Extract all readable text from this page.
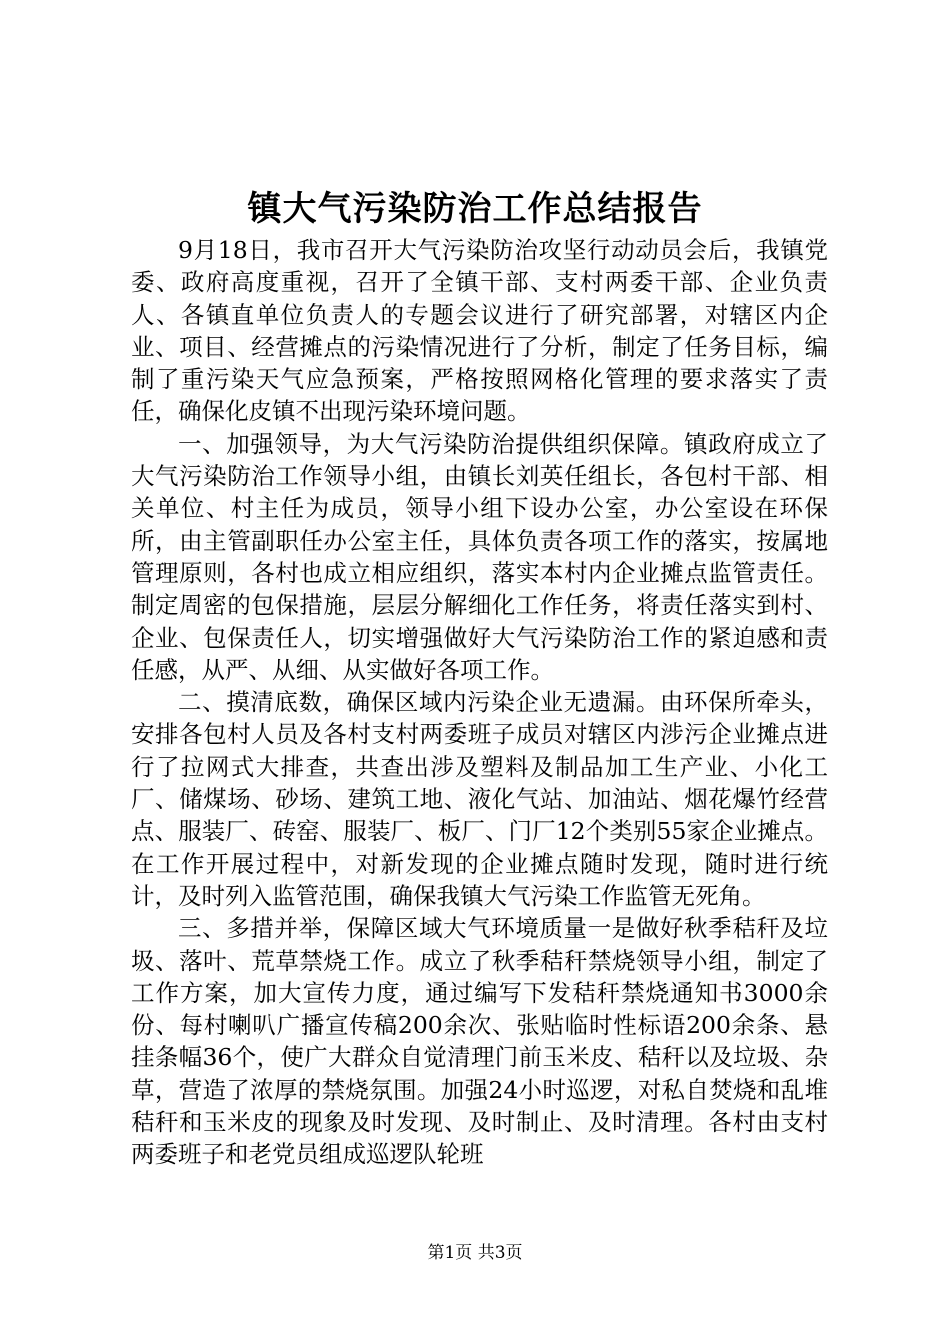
镇大气污染防治工作总结报告

9月18日，我市召开大气污染防治攻坚行动动员会后，我镇党委、政府高度重视，召开了全镇干部、支村两委干部、企业负责人、各镇直单位负责人的专题会议进行了研究部署，对辖区内企业、项目、经营摊点的污染情况进行了分析，制定了任务目标，编制了重污染天气应急预案，严格按照网格化管理的要求落实了责任，确保化皮镇不出现污染环境问题。

一、加强领导，为大气污染防治提供组织保障。镇政府成立了大气污染防治工作领导小组，由镇长刘英任组长，各包村干部、相关单位、村主任为成员，领导小组下设办公室，办公室设在环保所，由主管副职任办公室主任，具体负责各项工作的落实，按属地管理原则，各村也成立相应组织，落实本村内企业摊点监管责任。制定周密的包保措施，层层分解细化工作任务，将责任落实到村、企业、包保责任人，切实增强做好大气污染防治工作的紧迫感和责任感，从严、从细、从实做好各项工作。

二、摸清底数，确保区域内污染企业无遗漏。由环保所牵头，安排各包村人员及各村支村两委班子成员对辖区内涉污企业摊点进行了拉网式大排查，共查出涉及塑料及制品加工生产业、小化工厂、储煤场、砂场、建筑工地、液化气站、加油站、烟花爆竹经营点、服装厂、砖窑、服装厂、板厂、门厂12个类别55家企业摊点。在工作开展过程中，对新发现的企业摊点随时发现，随时进行统计，及时列入监管范围，确保我镇大气污染工作监管无死角。

三、多措并举，保障区域大气环境质量一是做好秋季秸秆及垃圾、落叶、荒草禁烧工作。成立了秋季秸秆禁烧领导小组，制定了工作方案，加大宣传力度，通过编写下发秸秆禁烧通知书3000余份、每村喇叭广播宣传稿200余次、张贴临时性标语200余条、悬挂条幅36个，使广大群众自觉清理门前玉米皮、秸秆以及垃圾、杂草，营造了浓厚的禁烧氛围。加强24小时巡逻，对私自焚烧和乱堆秸秆和玉米皮的现象及时发现、及时制止、及时清理。各村由支村两委班子和老党员组成巡逻队轮班

第1页 共3页
